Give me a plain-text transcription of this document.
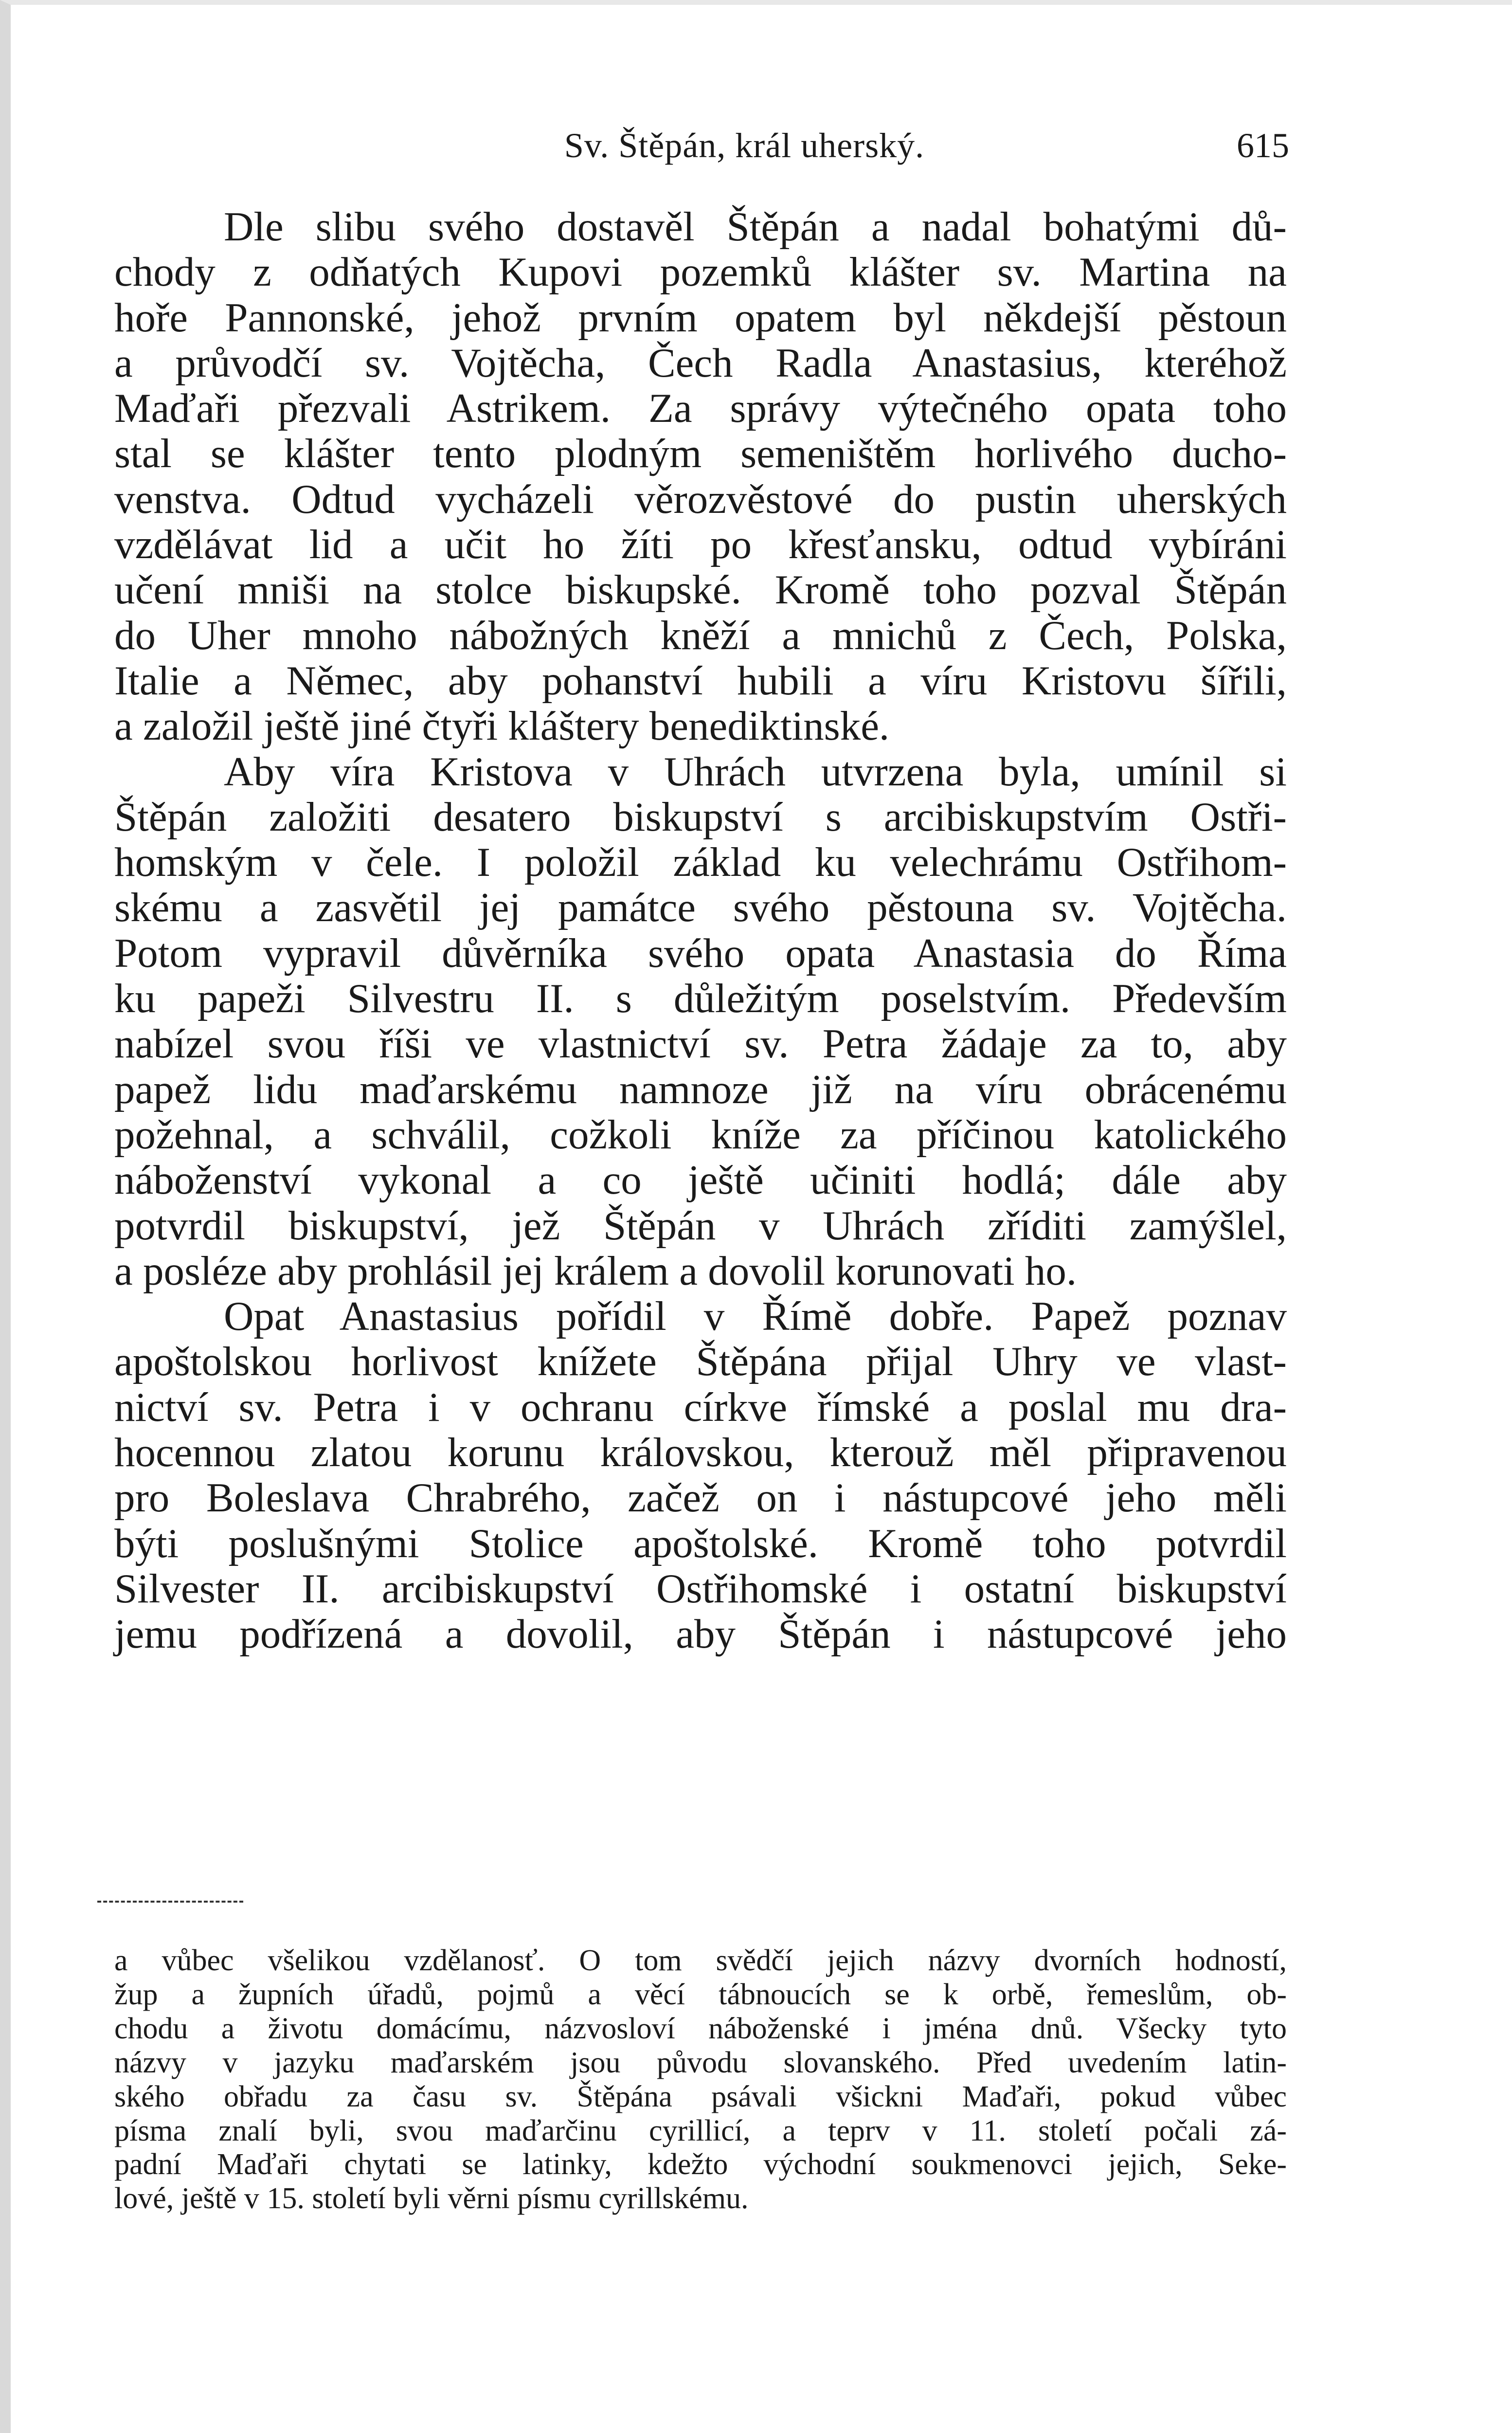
Sv. Štěpán, král uherský.	615

Dle slibu svého dostavěl Štěpán a nadal bohatými dů-
chody z odňatých Kupovi pozemků klášter sv. Martina na
hoře Pannonské, jehož prvním opatem byl někdejší pěstoun
a průvodčí sv. Vojtěcha, Čech Radla Anastasius, kteréhož
Maďaři přezvali Astrikem. Za správy výtečného opata toho
stal se klášter tento plodným semeništěm horlivého ducho-
venstva. Odtud vycházeli věrozvěstové do pustin uherských
vzdělávat lid a učit ho žíti po křesťansku, odtud vybíráni
učení mniši na stolce biskupské. Kromě toho pozval Štěpán
do Uher mnoho nábožných kněží a mnichů z Čech, Polska,
Italie a Němec, aby pohanství hubili a víru Kristovu šířili,
a založil ještě jiné čtyři kláštery benediktinské.

Aby víra Kristova v Uhrách utvrzena byla, umínil si
Štěpán založiti desatero biskupství s arcibiskupstvím Ostři-
homským v čele. I položil základ ku velechrámu Ostřihom-
skému a zasvětil jej památce svého pěstouna sv. Vojtěcha.
Potom vypravil důvěrníka svého opata Anastasia do Říma
ku papeži Silvestru II. s důležitým poselstvím. Především
nabízel svou říši ve vlastnictví sv. Petra žádaje za to, aby
papež lidu maďarskému namnoze již na víru obrácenému
požehnal, a schválil, cožkoli kníže za příčinou katolického
náboženství vykonal a co ještě učiniti hodlá; dále aby
potvrdil biskupství, jež Štěpán v Uhrách zříditi zamýšlel,
a posléze aby prohlásil jej králem a dovolil korunovati ho.

Opat Anastasius pořídil v Římě dobře. Papež poznav
apoštolskou horlivost knížete Štěpána přijal Uhry ve vlast-
nictví sv. Petra i v ochranu církve římské a poslal mu dra-
hocennou zlatou korunu královskou, kterouž měl připravenou
pro Boleslava Chrabrého, začež on i nástupcové jeho měli
býti poslušnými Stolice apoštolské. Kromě toho potvrdil
Silvester II. arcibiskupství Ostřihomské i ostatní biskupství
jemu podřízená a dovolil, aby Štěpán i nástupcové jeho

a vůbec všelikou vzdělanosť. O tom svědčí jejich názvy dvorních hodností,
žup a župních úřadů, pojmů a věcí tábnoucích se k orbě, řemeslům, ob-
chodu a životu domácímu, názvosloví náboženské i jména dnů. Všecky tyto
názvy v jazyku maďarském jsou původu slovanského. Před uvedením latin-
ského obřadu za času sv. Štěpána psávali všickni Maďaři, pokud vůbec
písma znalí byli, svou maďarčinu cyrillicí, a teprv v 11. století počali zá-
padní Maďaři chytati se latinky, kdežto východní soukmenovci jejich, Seke-
lové, ještě v 15. století byli věrni písmu cyrillskému.
